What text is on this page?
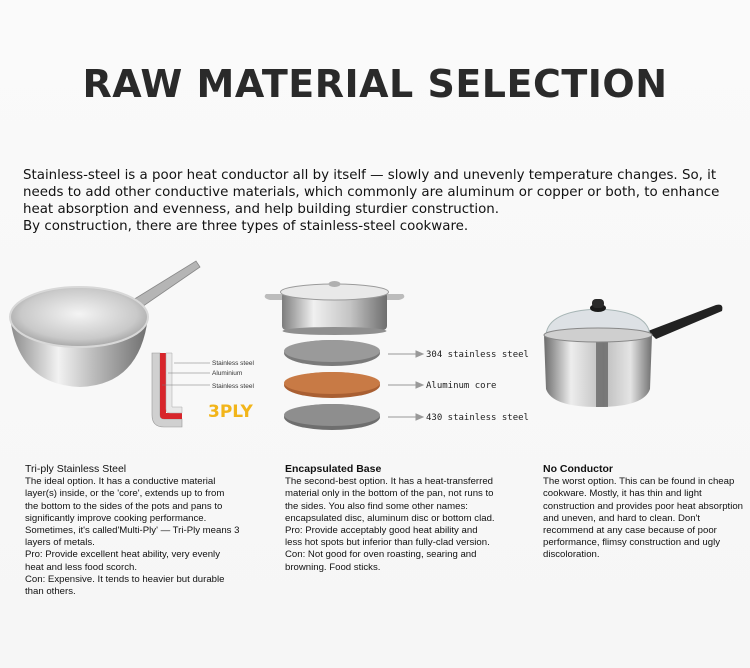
RAW MATERIAL SELECTION

Stainless-steel is a poor heat conductor all by itself — slowly and unevenly temperature changes. So, it needs to add other conductive materials, which commonly are aluminum or copper or both, to enhance heat absorption and evenness, and help building sturdier construction.

By construction, there are three types of stainless-steel cookware.

Stainless steel
Aluminium
Stainless steel
3PLY
304 stainless steel
Aluminum core
430 stainless steel
Tri-ply Stainless Steel

The ideal option. It has a conductive material layer(s) inside, or the 'core', extends up to from the bottom to the sides of the pots and pans to significantly improve cooking performance.

Sometimes, it's called'Multi-Ply' — Tri-Ply means 3 layers of metals.

Pro: Provide excellent heat ability, very evenly heat and less food scorch.

Con: Expensive. It tends to heavier but durable than others.

Encapsulated Base

The second-best option. It has a heat-transferred material only in the bottom of the pan, not runs to the sides. You also find some other names: encapsulated disc, aluminum disc or bottom clad.

Pro: Provide acceptably good heat ability and less hot spots but inferior than fully-clad version.

Con: Not good for oven roasting, searing and browning. Food sticks.

No Conductor

The worst option. This can be found in cheap cookware. Mostly, it has thin and light construction and provides poor heat absorption and uneven, and hard to clean. Don't recommend at any case because of poor performance, flimsy construction and ugly discoloration.
